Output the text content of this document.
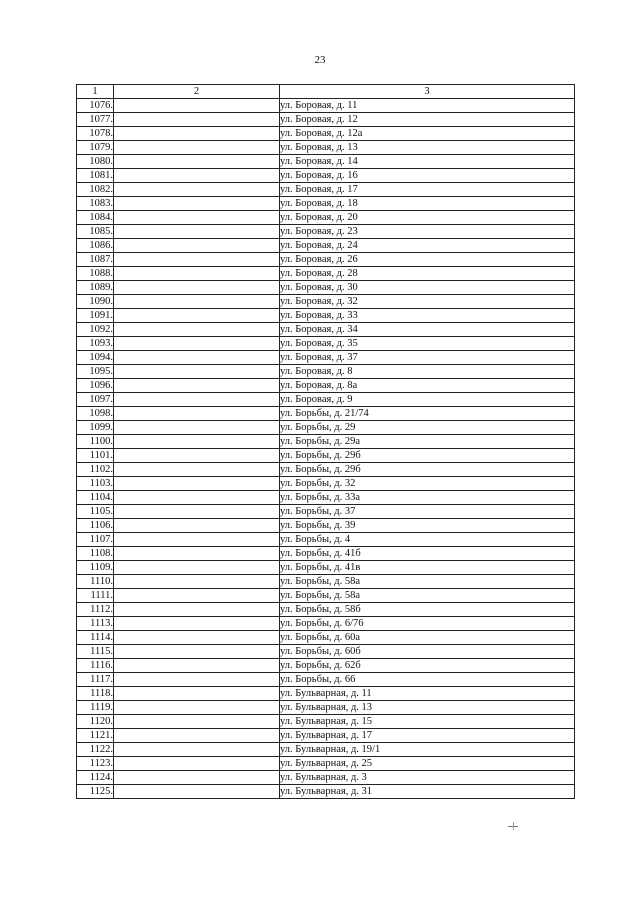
23
1	2	3
1076.		ул. Боровая, д. 11
1077.		ул. Боровая, д. 12
1078.		ул. Боровая, д. 12а
1079.		ул. Боровая, д. 13
1080.		ул. Боровая, д. 14
1081.		ул. Боровая, д. 16
1082.		ул. Боровая, д. 17
1083.		ул. Боровая, д. 18
1084.		ул. Боровая, д. 20
1085.		ул. Боровая, д. 23
1086.		ул. Боровая, д. 24
1087.		ул. Боровая, д. 26
1088.		ул. Боровая, д. 28
1089.		ул. Боровая, д. 30
1090.		ул. Боровая, д. 32
1091.		ул. Боровая, д. 33
1092.		ул. Боровая, д. 34
1093.		ул. Боровая, д. 35
1094.		ул. Боровая, д. 37
1095.		ул. Боровая, д. 8
1096.		ул. Боровая, д. 8а
1097.		ул. Боровая, д. 9
1098.		ул. Борьбы, д. 21/74
1099.		ул. Борьбы, д. 29
1100.		ул. Борьбы, д. 29а
1101.		ул. Борьбы, д. 29б
1102.		ул. Борьбы, д. 29б
1103.		ул. Борьбы, д. 32
1104.		ул. Борьбы, д. 33а
1105.		ул. Борьбы, д. 37
1106.		ул. Борьбы, д. 39
1107.		ул. Борьбы, д. 4
1108.		ул. Борьбы, д. 41б
1109.		ул. Борьбы, д. 41в
1110.		ул. Борьбы, д. 58а
1111.		ул. Борьбы, д. 58а
1112.		ул. Борьбы, д. 58б
1113.		ул. Борьбы, д. 6/76
1114.		ул. Борьбы, д. 60а
1115.		ул. Борьбы, д. 60б
1116.		ул. Борьбы, д. 62б
1117.		ул. Борьбы, д. 66
1118.		ул. Бульварная, д. 11
1119.		ул. Бульварная, д. 13
1120.		ул. Бульварная, д. 15
1121.		ул. Бульварная, д. 17
1122.		ул. Бульварная, д. 19/1
1123.		ул. Бульварная, д. 25
1124.		ул. Бульварная, д. 3
1125.		ул. Бульварная, д. 31
